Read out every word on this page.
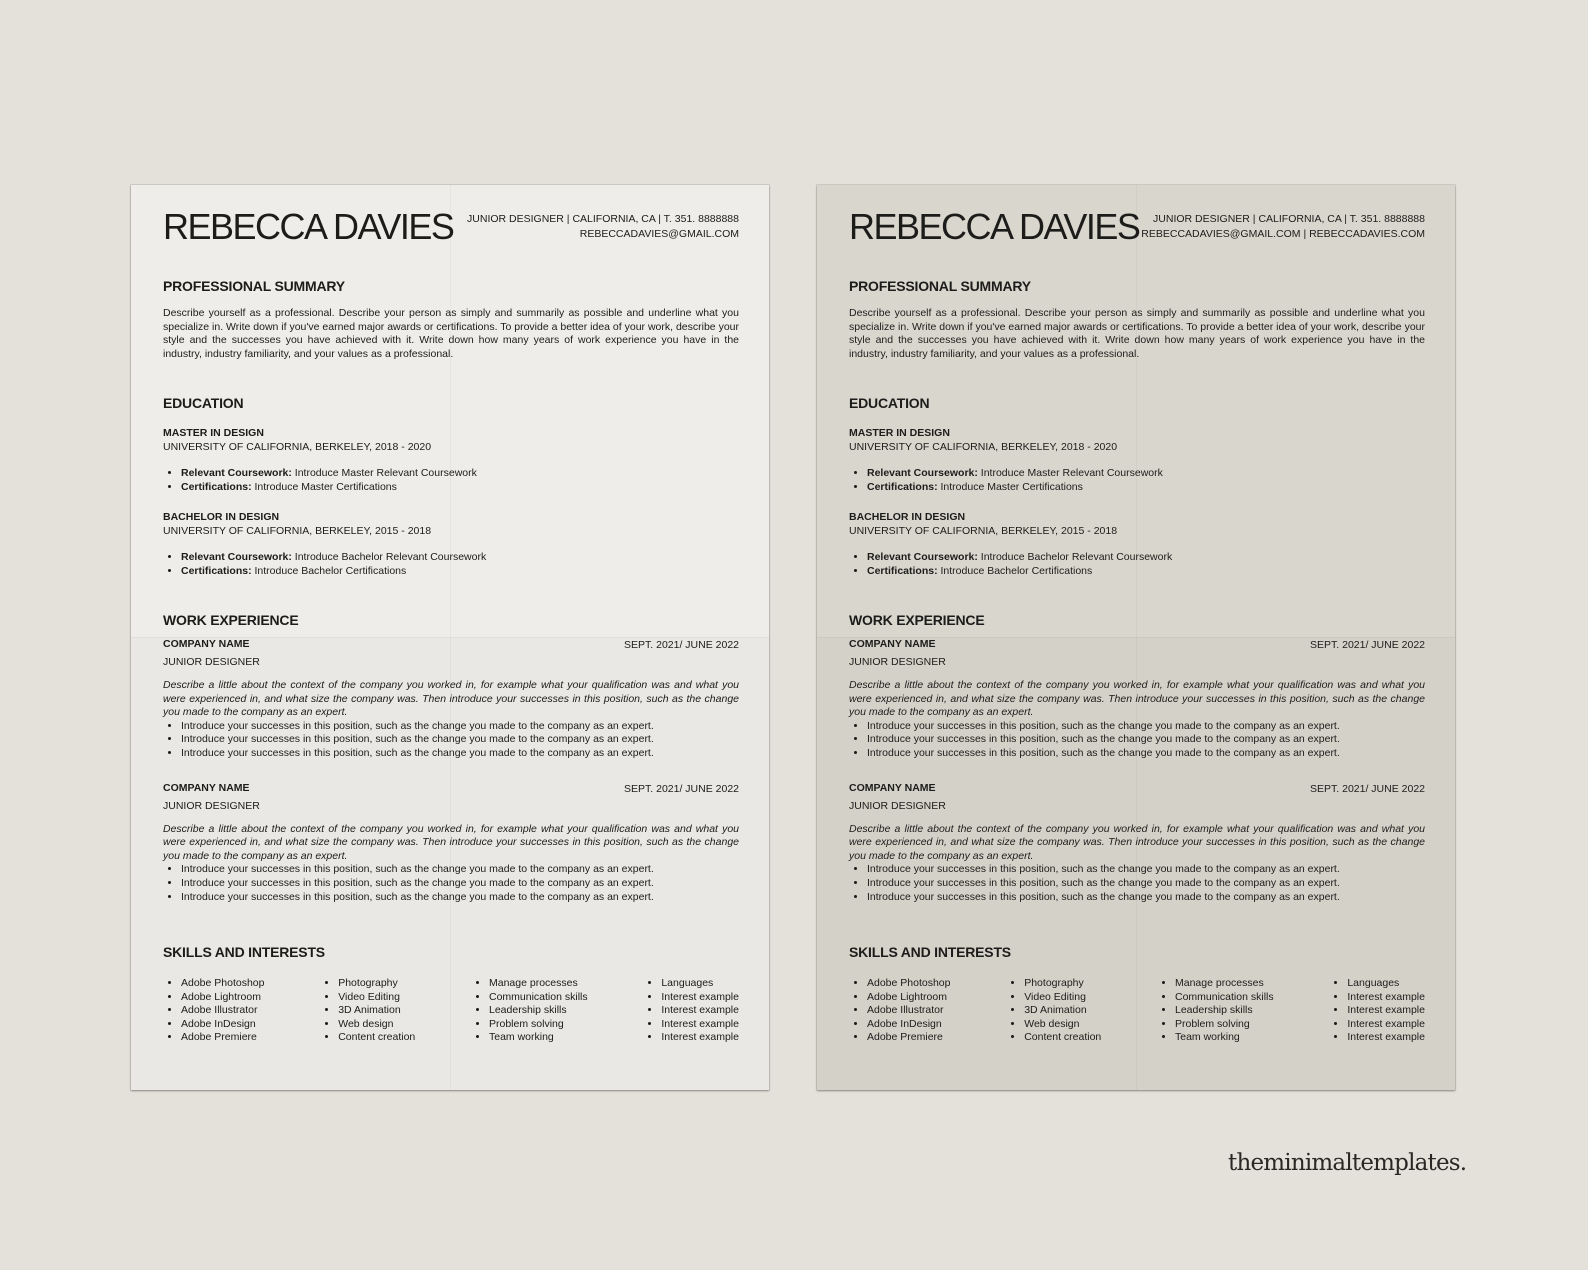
REBECCA DAVIES JUNIOR DESIGNER | CALIFORNIA, CA | T. 351. 8888888
REBECCADAVIES@GMAIL.COM
PROFESSIONAL SUMMARY

Describe yourself as a professional. Describe your person as simply and summarily as possible and underline what you specialize in. Write down if you've earned major awards or certifications. To provide a better idea of your work, describe your style and the successes you have achieved with it. Write down how many years of work experience you have in the industry, industry familiarity, and your values as a professional.

EDUCATION

MASTER IN DESIGN

UNIVERSITY OF CALIFORNIA, BERKELEY, 2018 - 2020

• Relevant Coursework: Introduce Master Relevant Coursework
• Certifications: Introduce Master Certifications

BACHELOR IN DESIGN

UNIVERSITY OF CALIFORNIA, BERKELEY, 2015 - 2018

• Relevant Coursework: Introduce Bachelor Relevant Coursework
• Certifications: Introduce Bachelor Certifications
WORK EXPERIENCE
COMPANY NAME	SEPT. 2021/ JUNE 2022

JUNIOR DESIGNER

Describe a little about the context of the company you worked in, for example what your qualification was and what you were experienced in, and what size the company was. Then introduce your successes in this position, such as the change you made to the company as an expert.

• Introduce your successes in this position, such as the change you made to the company as an expert.
• Introduce your successes in this position, such as the change you made to the company as an expert.
• Introduce your successes in this position, such as the change you made to the company as an expert.
COMPANY NAME	SEPT. 2021/ JUNE 2022

JUNIOR DESIGNER

Describe a little about the context of the company you worked in, for example what your qualification was and what you were experienced in, and what size the company was. Then introduce your successes in this position, such as the change you made to the company as an expert.

• Introduce your successes in this position, such as the change you made to the company as an expert.
• Introduce your successes in this position, such as the change you made to the company as an expert.
• Introduce your successes in this position, such as the change you made to the company as an expert.
SKILLS AND INTERESTS
• Adobe Photoshop
• Adobe Lightroom
• Adobe Illustrator
• Adobe InDesign
• Adobe Premiere
• Photography
• Video Editing
• 3D Animation
• Web design
• Content creation
• Manage processes
• Communication skills
• Leadership skills
• Problem solving
• Team working
• Languages
• Interest example
• Interest example
• Interest example
• Interest example
REBECCA DAVIES	JUNIOR DESIGNER | CALIFORNIA, CA | T. 351. 8888888
REBECCADAVIES@GMAIL.COM | REBECCADAVIES.COM
PROFESSIONAL SUMMARY

Describe yourself as a professional. Describe your person as simply and summarily as possible and underline what you specialize in. Write down if you've earned major awards or certifications. To provide a better idea of your work, describe your style and the successes you have achieved with it. Write down how many years of work experience you have in the industry, industry familiarity, and your values as a professional.

EDUCATION

MASTER IN DESIGN

UNIVERSITY OF CALIFORNIA, BERKELEY, 2018 - 2020

• Relevant Coursework: Introduce Master Relevant Coursework
• Certifications: Introduce Master Certifications

BACHELOR IN DESIGN

UNIVERSITY OF CALIFORNIA, BERKELEY, 2015 - 2018

• Relevant Coursework: Introduce Bachelor Relevant Coursework
• Certifications: Introduce Bachelor Certifications
WORK EXPERIENCE
COMPANY NAME	SEPT. 2021/ JUNE 2022

JUNIOR DESIGNER

Describe a little about the context of the company you worked in, for example what your qualification was and what you were experienced in, and what size the company was. Then introduce your successes in this position, such as the change you made to the company as an expert.

• Introduce your successes in this position, such as the change you made to the company as an expert.
• Introduce your successes in this position, such as the change you made to the company as an expert.
• Introduce your successes in this position, such as the change you made to the company as an expert.
COMPANY NAME	SEPT. 2021/ JUNE 2022

JUNIOR DESIGNER

Describe a little about the context of the company you worked in, for example what your qualification was and what you were experienced in, and what size the company was. Then introduce your successes in this position, such as the change you made to the company as an expert.

• Introduce your successes in this position, such as the change you made to the company as an expert.
• Introduce your successes in this position, such as the change you made to the company as an expert.
• Introduce your successes in this position, such as the change you made to the company as an expert.
SKILLS AND INTERESTS
• Adobe Photoshop
• Adobe Lightroom
• Adobe Illustrator
• Adobe InDesign
• Adobe Premiere
• Photography
• Video Editing
• 3D Animation
• Web design
• Content creation
• Manage processes
• Communication skills
• Leadership skills
• Problem solving
• Team working
• Languages
• Interest example
• Interest example
• Interest example
• Interest example
theminimaltemplates.
